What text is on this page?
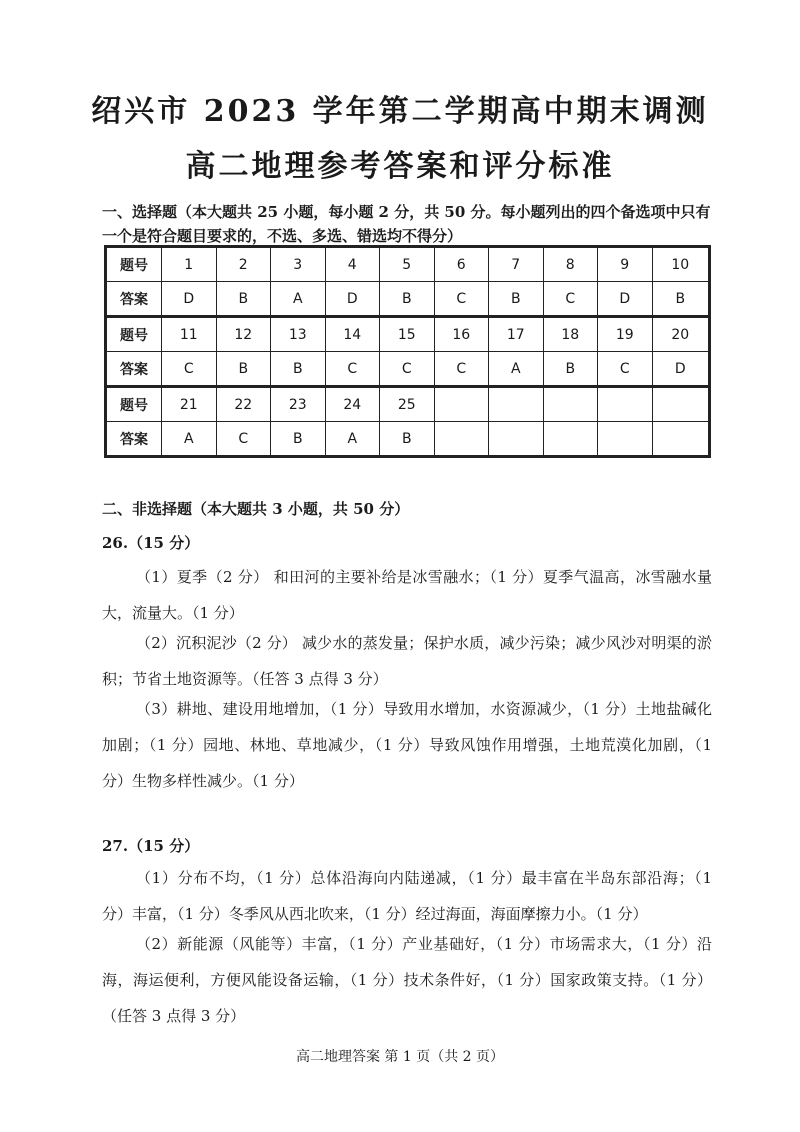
绍兴市 2023 学年第二学期高中期末调测
高二地理参考答案和评分标准
一、选择题（本大题共 25 小题，每小题 2 分，共 50 分。每小题列出的四个备选项中只有一个是符合题目要求的，不选、多选、错选均不得分）
题号	1	2	3	4	5	6	7	8	9	10
答案	D	B	A	D	B	C	B	C	D	B
题号	11	12	13	14	15	16	17	18	19	20
答案	C	B	B	C	C	C	A	B	C	D
题号	21	22	23	24	25					
答案	A	C	B	A	B					
二、非选择题（本大题共 3 小题，共 50 分）
26.（15 分）
（1）夏季（2 分） 和田河的主要补给是冰雪融水；（1 分）夏季气温高，冰雪融水量大，流量大。（1 分）
（2）沉积泥沙（2 分） 减少水的蒸发量；保护水质，减少污染；减少风沙对明渠的淤积；节省土地资源等。（任答 3 点得 3 分）
（3）耕地、建设用地增加，（1 分）导致用水增加，水资源减少，（1 分）土地盐碱化加剧；（1 分）园地、林地、草地减少，（1 分）导致风蚀作用增强，土地荒漠化加剧，（1 分）生物多样性减少。（1 分）
27.（15 分）
（1）分布不均，（1 分）总体沿海向内陆递减，（1 分）最丰富在半岛东部沿海；（1 分）丰富，（1 分）冬季风从西北吹来，（1 分）经过海面，海面摩擦力小。（1 分）
（2）新能源（风能等）丰富，（1 分）产业基础好，（1 分）市场需求大，（1 分）沿海，海运便利，方便风能设备运输，（1 分）技术条件好，（1 分）国家政策支持。（1 分）（任答 3 点得 3 分）
高二地理答案 第 1 页（共 2 页）
